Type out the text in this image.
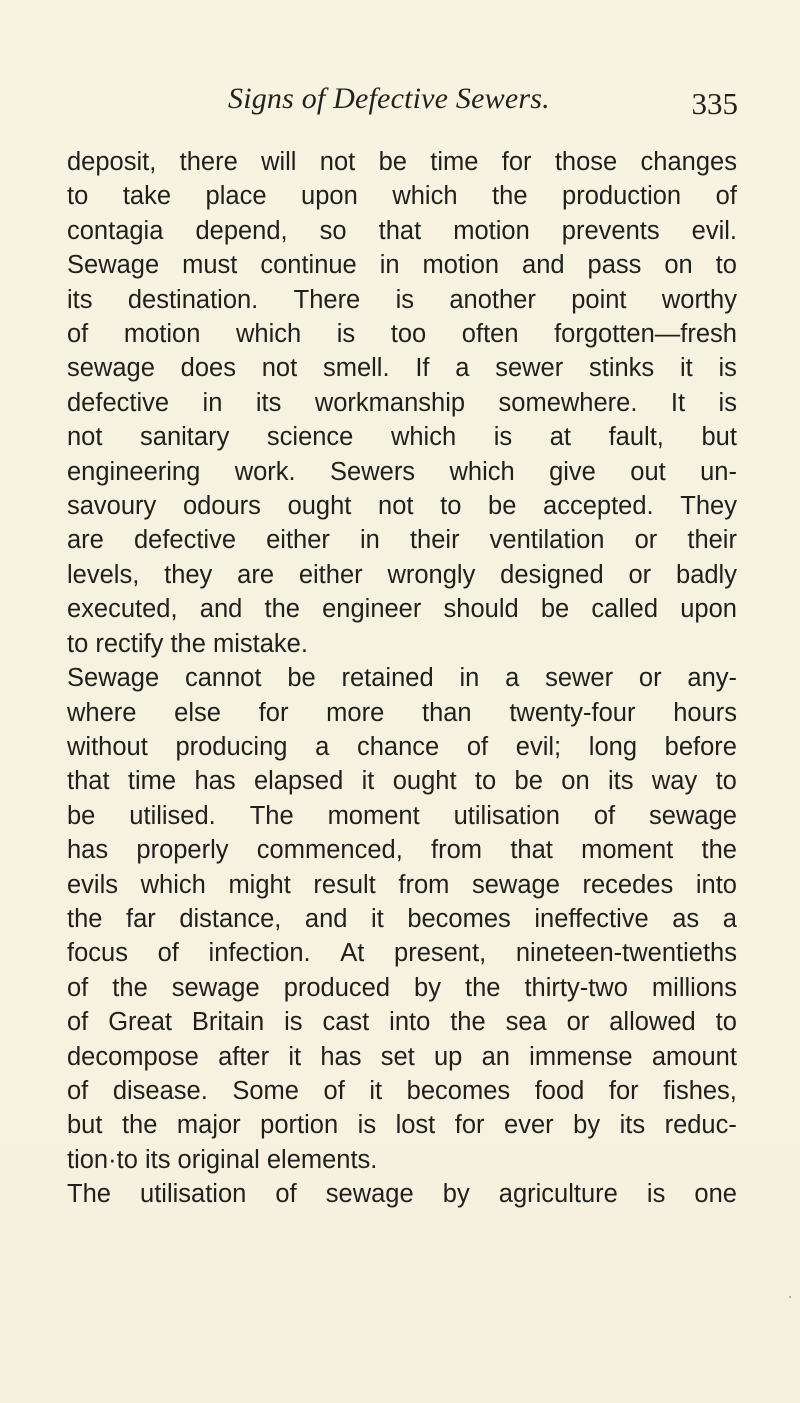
Signs of Defective Sewers.	335
deposit, there will not be time for those changes
to take place upon which the production of
contagia depend, so that motion prevents evil.
Sewage must continue in motion and pass on to
its destination. There is another point worthy
of motion which is too often forgotten—fresh
sewage does not smell. If a sewer stinks it is
defective in its workmanship somewhere. It is
not sanitary science which is at fault, but
engineering work. Sewers which give out un-
savoury odours ought not to be accepted. They
are defective either in their ventilation or their
levels, they are either wrongly designed or badly
executed, and the engineer should be called upon
to rectify the mistake.
Sewage cannot be retained in a sewer or any-
where else for more than twenty-four hours
without producing a chance of evil; long before
that time has elapsed it ought to be on its way to
be utilised. The moment utilisation of sewage
has properly commenced, from that moment the
evils which might result from sewage recedes into
the far distance, and it becomes ineffective as a
focus of infection. At present, nineteen-twentieths
of the sewage produced by the thirty-two millions
of Great Britain is cast into the sea or allowed to
decompose after it has set up an immense amount
of disease. Some of it becomes food for fishes,
but the major portion is lost for ever by its reduc-
tion·to its original elements.
The utilisation of sewage by agriculture is one
